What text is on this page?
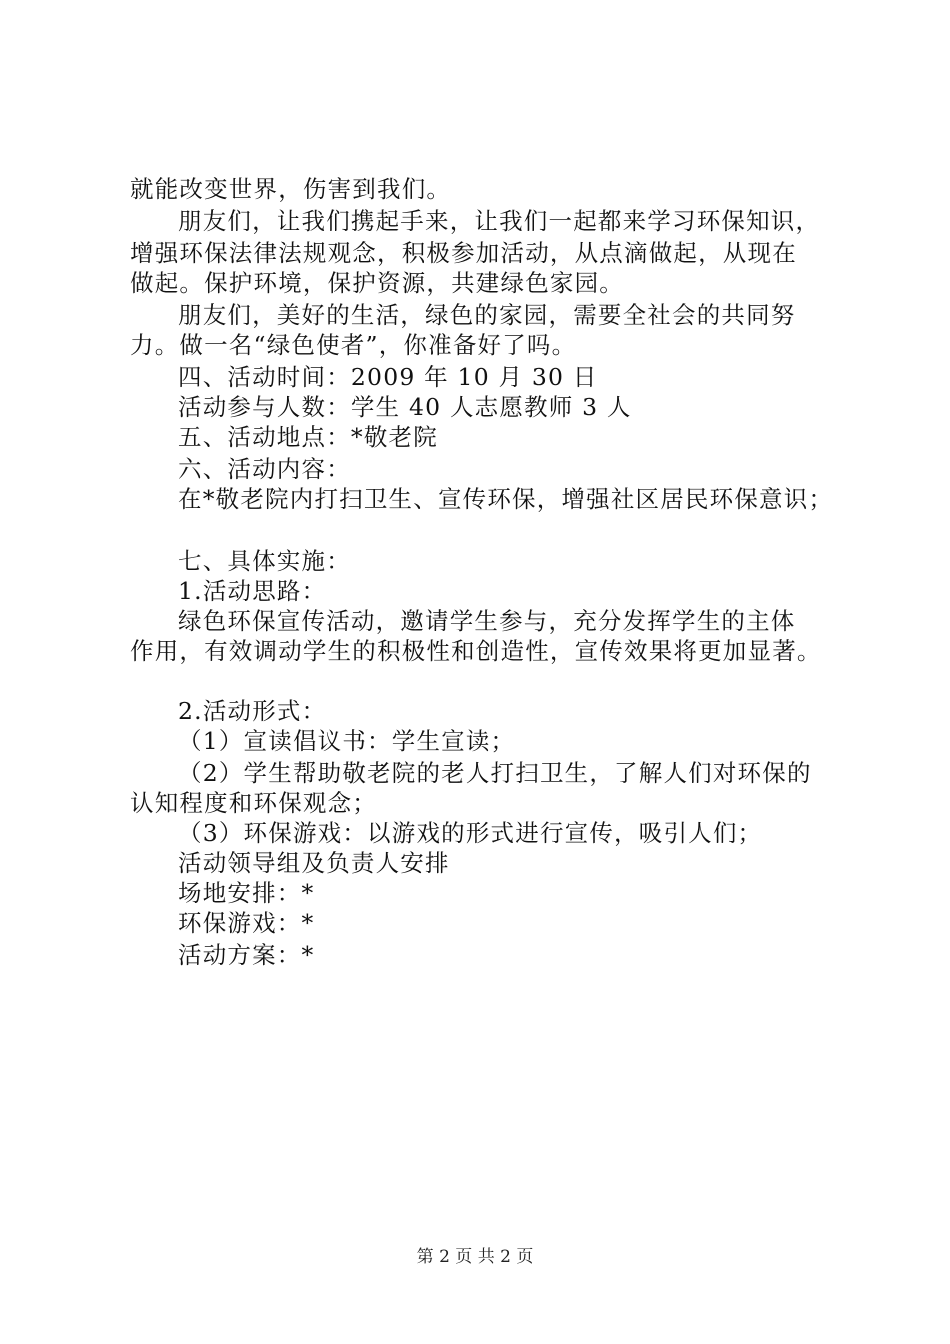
就能改变世界，伤害到我们。
朋友们，让我们携起手来，让我们一起都来学习环保知识，
增强环保法律法规观念，积极参加活动，从点滴做起，从现在
做起。保护环境，保护资源，共建绿色家园。
朋友们，美好的生活，绿色的家园，需要全社会的共同努
力。做一名“绿色使者”，你准备好了吗。
四、活动时间：2009 年 10 月 30 日
活动参与人数：学生 40 人志愿教师 3 人
五、活动地点：*敬老院
六、活动内容：
在*敬老院内打扫卫生、宣传环保，增强社区居民环保意识；
七、具体实施：
1.活动思路：
绿色环保宣传活动，邀请学生参与，充分发挥学生的主体
作用，有效调动学生的积极性和创造性，宣传效果将更加显著。
2.活动形式：
（1）宣读倡议书：学生宣读；
（2）学生帮助敬老院的老人打扫卫生，了解人们对环保的
认知程度和环保观念；
（3）环保游戏：以游戏的形式进行宣传，吸引人们；
活动领导组及负责人安排
场地安排：*
环保游戏：*
活动方案：*
第 2 页 共 2 页
